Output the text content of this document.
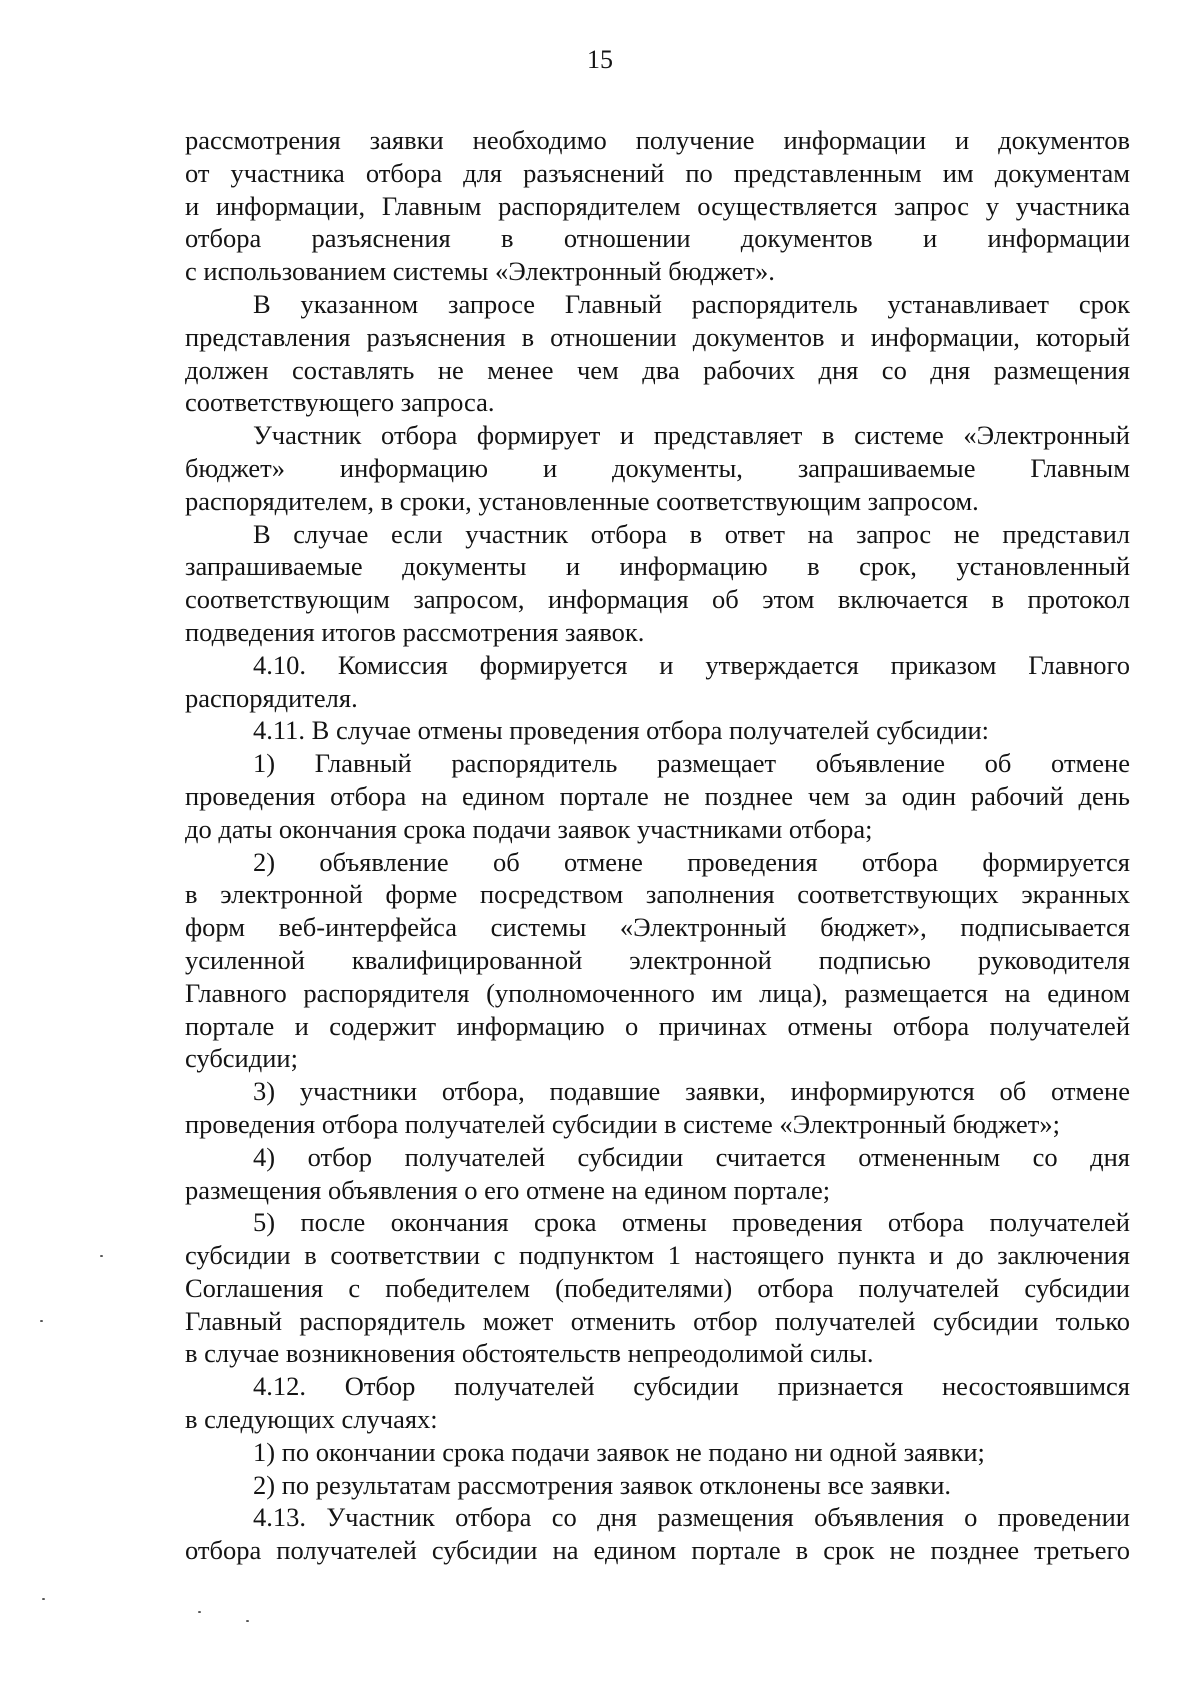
15

рассмотрения заявки необходимо получение информации и документов
от участника отбора для разъяснений по представленным им документам
и информации, Главным распорядителем осуществляется запрос у участника
отбора разъяснения в отношении документов и информации
с использованием системы «Электронный бюджет».

В указанном запросе Главный распорядитель устанавливает срок
представления разъяснения в отношении документов и информации, который
должен составлять не менее чем два рабочих дня со дня размещения
соответствующего запроса.

Участник отбора формирует и представляет в системе «Электронный
бюджет» информацию и документы, запрашиваемые Главным
распорядителем, в сроки, установленные соответствующим запросом.

В случае если участник отбора в ответ на запрос не представил
запрашиваемые документы и информацию в срок, установленный
соответствующим запросом, информация об этом включается в протокол
подведения итогов рассмотрения заявок.

4.10. Комиссия формируется и утверждается приказом Главного
распорядителя.

4.11. В случае отмены проведения отбора получателей субсидии:

1) Главный распорядитель размещает объявление об отмене
проведения отбора на едином портале не позднее чем за один рабочий день
до даты окончания срока подачи заявок участниками отбора;

2) объявление об отмене проведения отбора формируется
в электронной форме посредством заполнения соответствующих экранных
форм веб-интерфейса системы «Электронный бюджет», подписывается
усиленной квалифицированной электронной подписью руководителя
Главного распорядителя (уполномоченного им лица), размещается на едином
портале и содержит информацию о причинах отмены отбора получателей
субсидии;

3) участники отбора, подавшие заявки, информируются об отмене
проведения отбора получателей субсидии в системе «Электронный бюджет»;

4) отбор получателей субсидии считается отмененным со дня
размещения объявления о его отмене на едином портале;

5) после окончания срока отмены проведения отбора получателей
субсидии в соответствии с подпунктом 1 настоящего пункта и до заключения
Соглашения с победителем (победителями) отбора получателей субсидии
Главный распорядитель может отменить отбор получателей субсидии только
в случае возникновения обстоятельств непреодолимой силы.

4.12. Отбор получателей субсидии признается несостоявшимся
в следующих случаях:

1) по окончании срока подачи заявок не подано ни одной заявки;

2) по результатам рассмотрения заявок отклонены все заявки.

4.13. Участник отбора со дня размещения объявления о проведении
отбора получателей субсидии на едином портале в срок не позднее третьего
